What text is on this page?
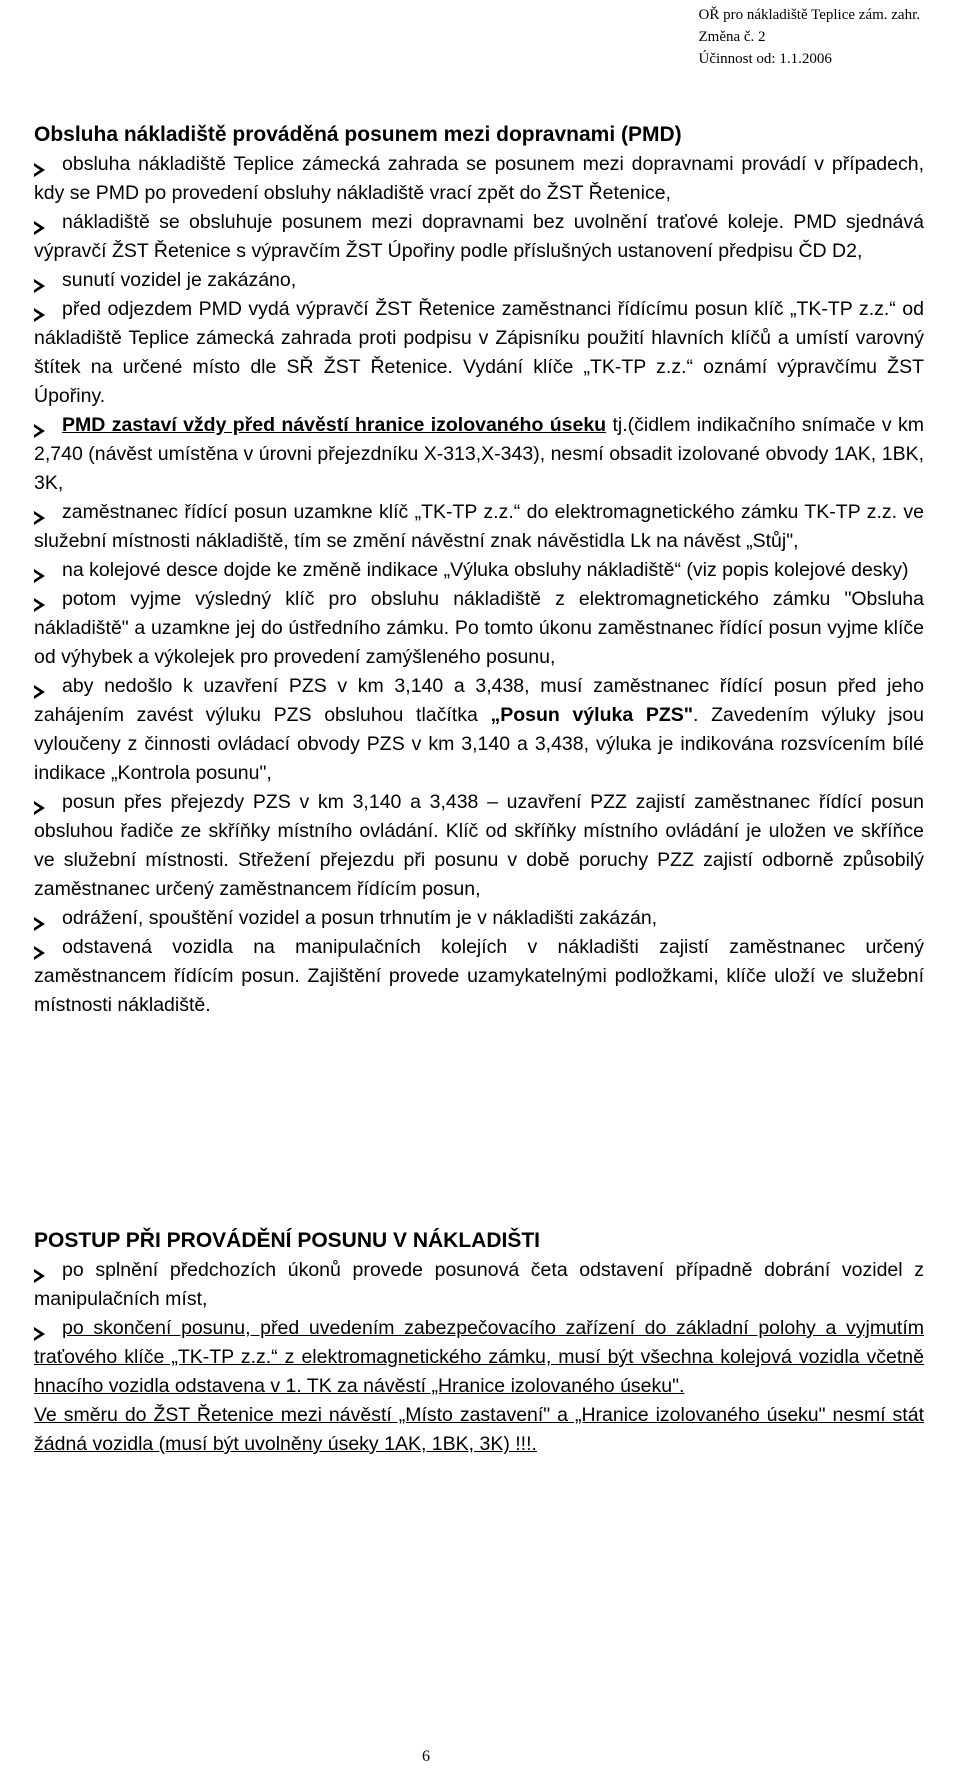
OŘ pro nákladiště Teplice zám. zahr.
Změna č. 2
Účinnost od: 1.1.2006
Obsluha nákladiště prováděná posunem mezi dopravnami (PMD)
obsluha nákladiště Teplice zámecká zahrada se posunem mezi dopravnami provádí v případech, kdy se PMD po provedení obsluhy nákladiště vrací zpět do ŽST Řetenice,
nákladiště se obsluhuje posunem mezi dopravnami bez uvolnění traťové koleje. PMD sjednává výpravčí ŽST Řetenice s výpravčím ŽST Úpořiny podle příslušných ustanovení předpisu ČD D2,
sunutí vozidel je zakázáno,
před odjezdem PMD vydá výpravčí ŽST Řetenice zaměstnanci řídícímu posun klíč „TK-TP z.z.“ od nákladiště Teplice zámecká zahrada proti podpisu v Zápisníku použití hlavních klíčů a umístí varovný štítek na určené místo dle SŘ ŽST Řetenice. Vydání klíče „TK-TP z.z.“ oznámí výpravčímu ŽST Úpořiny.
PMD zastaví vždy před návěstí hranice izolovaného úseku tj.(čidlem indikačního snímače v km 2,740 (návěst umístěna v úrovni přejezdníku X-313,X-343), nesmí obsadit izolované obvody 1AK, 1BK, 3K,
zaměstnanec řídící posun uzamkne klíč „TK-TP z.z.“ do elektromagnetického zámku TK-TP z.z. ve služební místnosti nákladiště, tím se změní návěstní znak návěstidla Lk na návěst „Stůj",
na kolejové desce dojde ke změně indikace „Výluka obsluhy nákladiště“ (viz popis kolejové desky)
potom vyjme výsledný klíč pro obsluhu nákladiště z elektromagnetického zámku "Obsluha nákladiště" a uzamkne jej do ústředního zámku. Po tomto úkonu zaměstnanec řídící posun vyjme klíče od výhybek a výkolejek pro provedení zamýšleného posunu,
aby nedošlo k uzavření PZS v km 3,140 a 3,438, musí zaměstnanec řídící posun před jeho zahájením zavést výluku PZS obsluhou tlačítka „Posun výluka PZS". Zavedením výluky jsou vyloučeny z činnosti ovládací obvody PZS v km 3,140 a 3,438, výluka je indikována rozsvícením bílé indikace „Kontrola posunu",
posun přes přejezdy PZS v km 3,140 a 3,438 – uzavření PZZ zajistí zaměstnanec řídící posun obsluhou řadiče ze skříňky místního ovládání. Klíč od skříňky místního ovládání je uložen ve skříňce ve služební místnosti. Střežení přejezdu při posunu v době poruchy PZZ zajistí odborně způsobilý zaměstnanec určený zaměstnancem řídícím posun,
odrážení, spouštění vozidel a posun trhnutím je v nákladišti zakázán,
odstavená vozidla na manipulačních kolejích v nákladišti zajistí zaměstnanec určený zaměstnancem řídícím posun. Zajištění provede uzamykatelnými podložkami, klíče uloží ve služební místnosti nákladiště.
POSTUP PŘI PROVÁDĚNÍ POSUNU V NÁKLADIŠTI
po splnění předchozích úkonů provede posunová četa odstavení případně dobrání vozidel z manipulačních míst,
po skončení posunu, před uvedením zabezpečovacího zařízení do základní polohy a vyjmutím traťového klíče „TK-TP z.z.“ z elektromagnetického zámku, musí být všechna kolejová vozidla včetně hnacího vozidla odstavena v 1. TK za návěstí „Hranice izolovaného úseku".
Ve směru do ŽST Řetenice mezi návěstí „Místo zastavení" a „Hranice izolovaného úseku" nesmí stát žádná vozidla (musí být uvolněny úseky 1AK, 1BK, 3K) !!!.
6
